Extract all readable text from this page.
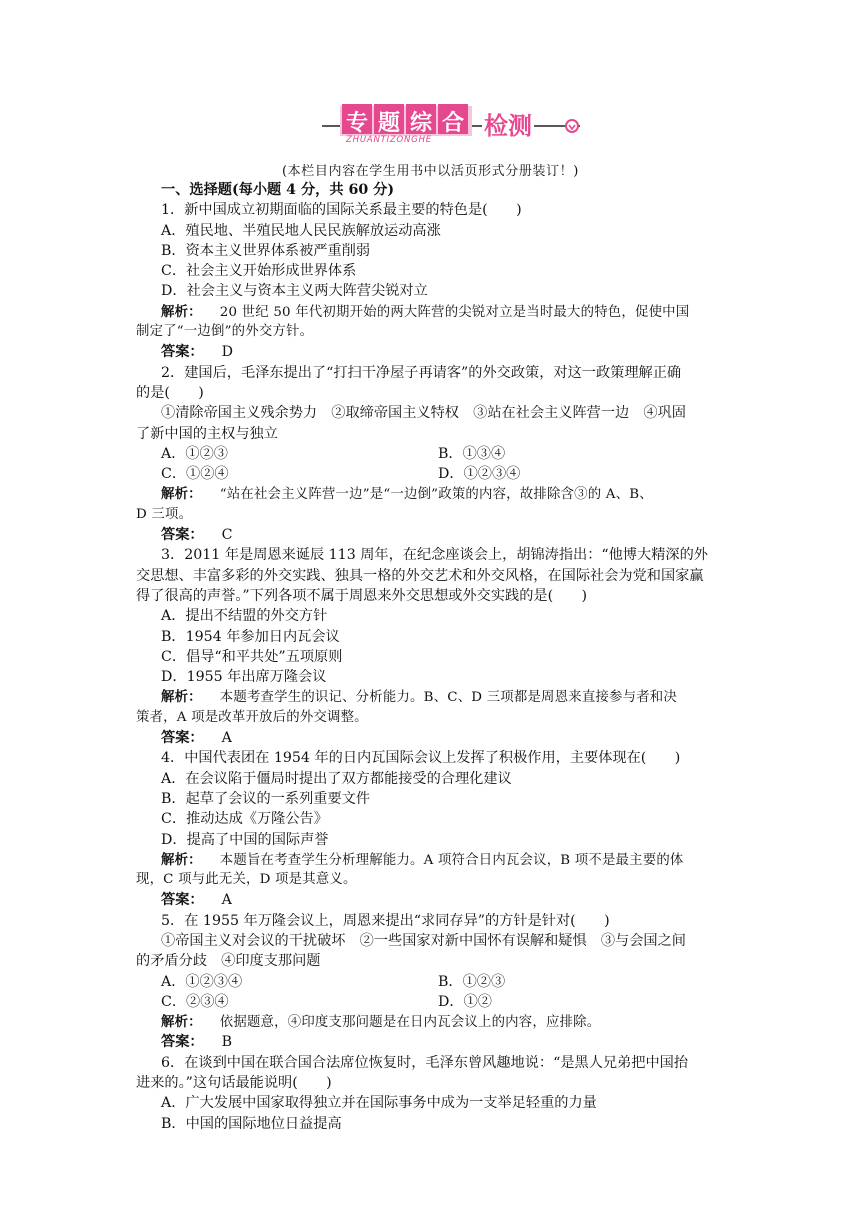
专 题 综 合 检测
ZHUANTIZONGHE
(本栏目内容在学生用书中以活页形式分册装订！)
一、选择题(每小题 4 分，共 60 分)
1．新中国成立初期面临的国际关系最主要的特色是(　　)
A．殖民地、半殖民地人民民族解放运动高涨
B．资本主义世界体系被严重削弱
C．社会主义开始形成世界体系
D．社会主义与资本主义两大阵营尖锐对立
解析： 20 世纪 50 年代初期开始的两大阵营的尖锐对立是当时最大的特色，促使中国
制定了“一边倒”的外交方针。
答案： D
2．建国后，毛泽东提出了“打扫干净屋子再请客”的外交政策，对这一政策理解正确
的是(　　)
①清除帝国主义残余势力　②取缔帝国主义特权　③站在社会主义阵营一边　④巩固
了新中国的主权与独立
A．①②③	B．①③④
C．①②④	D．①②③④
解析： “站在社会主义阵营一边”是“一边倒”政策的内容，故排除含③的 A、B、
D 三项。
答案： C
3．2011 年是周恩来诞辰 113 周年，在纪念座谈会上，胡锦涛指出：“他博大精深的外
交思想、丰富多彩的外交实践、独具一格的外交艺术和外交风格，在国际社会为党和国家赢
得了很高的声誉。”下列各项不属于周恩来外交思想或外交实践的是(　　)
A．提出不结盟的外交方针
B．1954 年参加日内瓦会议
C．倡导“和平共处”五项原则
D．1955 年出席万隆会议
解析： 本题考查学生的识记、分析能力。B、C、D 三项都是周恩来直接参与者和决
策者，A 项是改革开放后的外交调整。
答案： A
4．中国代表团在 1954 年的日内瓦国际会议上发挥了积极作用，主要体现在(　　)
A．在会议陷于僵局时提出了双方都能接受的合理化建议
B．起草了会议的一系列重要文件
C．推动达成《万隆公告》
D．提高了中国的国际声誉
解析： 本题旨在考查学生分析理解能力。A 项符合日内瓦会议，B 项不是最主要的体
现，C 项与此无关，D 项是其意义。
答案： A
5．在 1955 年万隆会议上，周恩来提出“求同存异”的方针是针对(　　)
①帝国主义对会议的干扰破坏　②一些国家对新中国怀有误解和疑惧　③与会国之间
的矛盾分歧　④印度支那问题
A．①②③④	B．①②③
C．②③④	D．①②
解析： 依据题意，④印度支那问题是在日内瓦会议上的内容，应排除。
答案： B
6．在谈到中国在联合国合法席位恢复时，毛泽东曾风趣地说：“是黑人兄弟把中国抬
进来的。”这句话最能说明(　　)
A．广大发展中国家取得独立并在国际事务中成为一支举足轻重的力量
B．中国的国际地位日益提高
